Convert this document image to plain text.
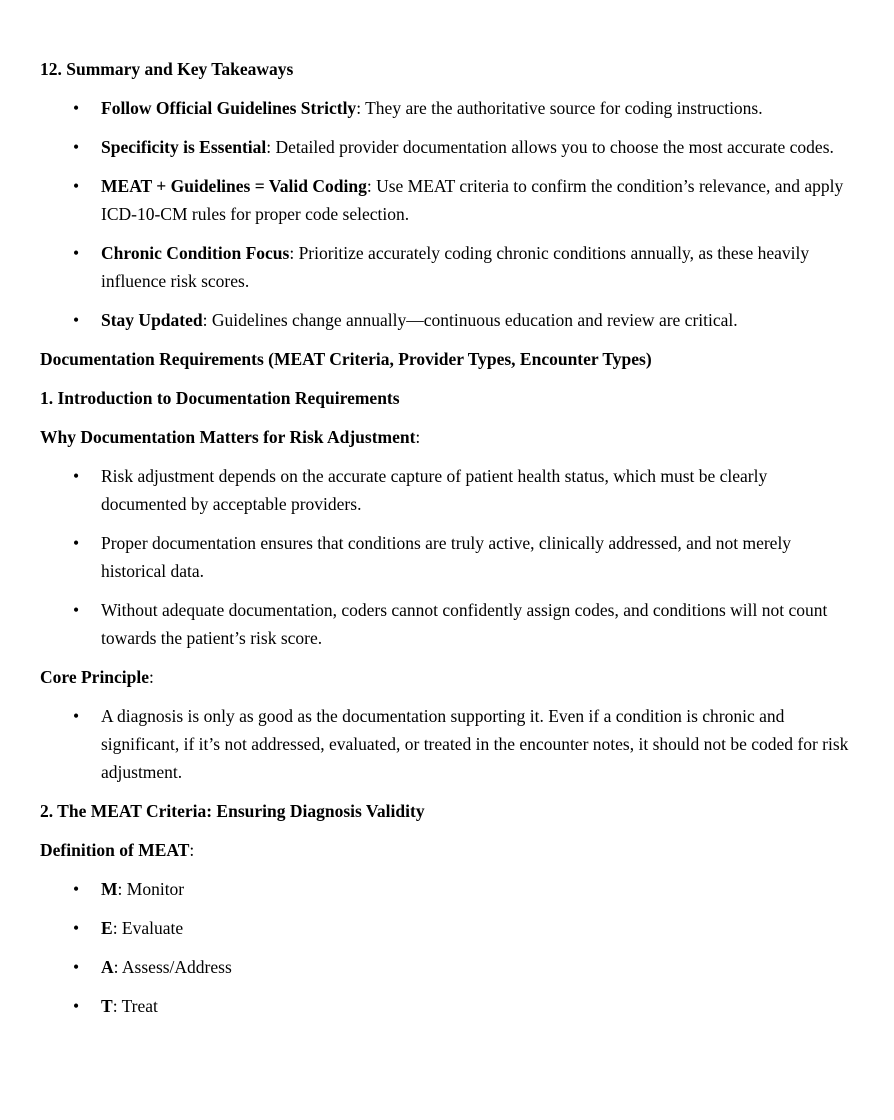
12. Summary and Key Takeaways

•	Follow Official Guidelines Strictly: They are the authoritative source for coding instructions.

•	Specificity is Essential: Detailed provider documentation allows you to choose the most accurate codes.

•	MEAT + Guidelines = Valid Coding: Use MEAT criteria to confirm the condition’s relevance, and apply ICD-10-CM rules for proper code selection.

•	Chronic Condition Focus: Prioritize accurately coding chronic conditions annually, as these heavily influence risk scores.

•	Stay Updated: Guidelines change annually—continuous education and review are critical.

Documentation Requirements (MEAT Criteria, Provider Types, Encounter Types)

1. Introduction to Documentation Requirements

Why Documentation Matters for Risk Adjustment:

•	Risk adjustment depends on the accurate capture of patient health status, which must be clearly documented by acceptable providers.

•	Proper documentation ensures that conditions are truly active, clinically addressed, and not merely historical data.

•	Without adequate documentation, coders cannot confidently assign codes, and conditions will not count towards the patient’s risk score.

Core Principle:

•	A diagnosis is only as good as the documentation supporting it. Even if a condition is chronic and significant, if it’s not addressed, evaluated, or treated in the encounter notes, it should not be coded for risk adjustment.

2. The MEAT Criteria: Ensuring Diagnosis Validity

Definition of MEAT:

•	M: Monitor

•	E: Evaluate

•	A: Assess/Address

•	T: Treat
